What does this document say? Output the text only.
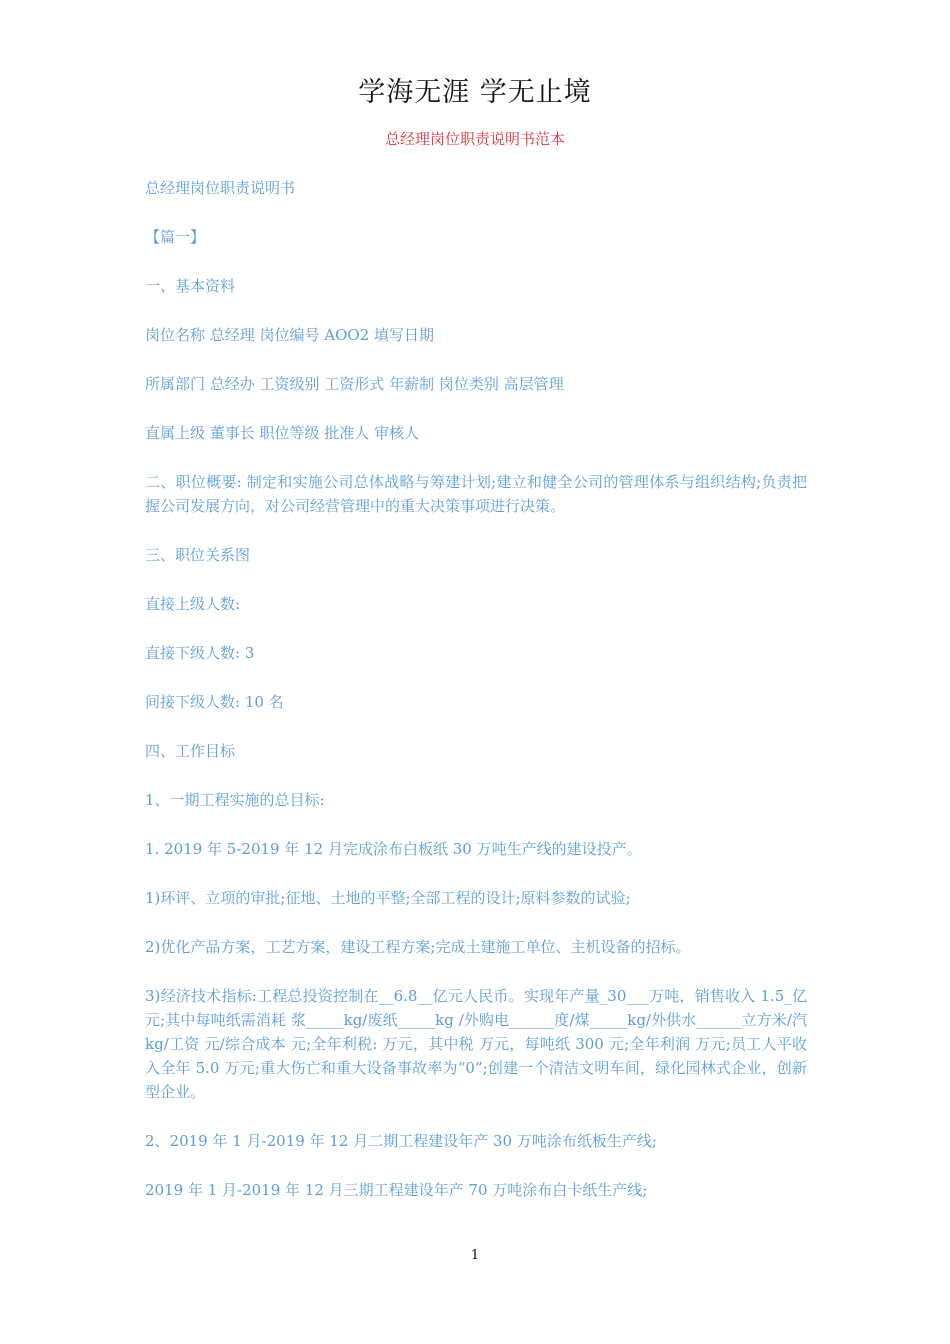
学海无涯 学无止境
总经理岗位职责说明书范本

总经理岗位职责说明书

【篇一】

一、基本资料

岗位名称 总经理 岗位编号 AOO2 填写日期

所属部门 总经办 工资级别 工资形式 年薪制 岗位类别 高层管理

直属上级 董事长 职位等级 批准人 审核人

二、职位概要: 制定和实施公司总体战略与筹建计划;建立和健全公司的管理体系与组织结构;负责把握公司发展方向，对公司经营管理中的重大决策事项进行决策。

三、职位关系图

直接上级人数:

直接下级人数: 3

间接下级人数: 10 名

四、工作目标

1、一期工程实施的总目标:

1. 2019 年 5-2019 年 12 月完成涂布白板纸 30 万吨生产线的建设投产。

1)环评、立项的审批;征地、土地的平整;全部工程的设计;原料参数的试验;

2)优化产品方案，工艺方案，建设工程方案;完成土建施工单位、主机设备的招标。

3)经济技术指标:工程总投资控制在__6.8__亿元人民币。实现年产量_30___万吨，销售收入 1.5_亿元;其中每吨纸需消耗 浆_____kg/废纸_____kg /外购电______度/煤_____kg/外供水______立方米/汽 kg/工资 元/综合成本 元;全年利税: 万元，其中税 万元，每吨纸 300 元;全年利润 万元;员工人平收入全年 5.0 万元;重大伤亡和重大设备事故率为“0”;创建一个清洁文明车间，绿化园林式企业，创新型企业。

2、2019 年 1 月-2019 年 12 月二期工程建设年产 30 万吨涂布纸板生产线;

2019 年 1 月-2019 年 12 月三期工程建设年产 70 万吨涂布白卡纸生产线;

1
